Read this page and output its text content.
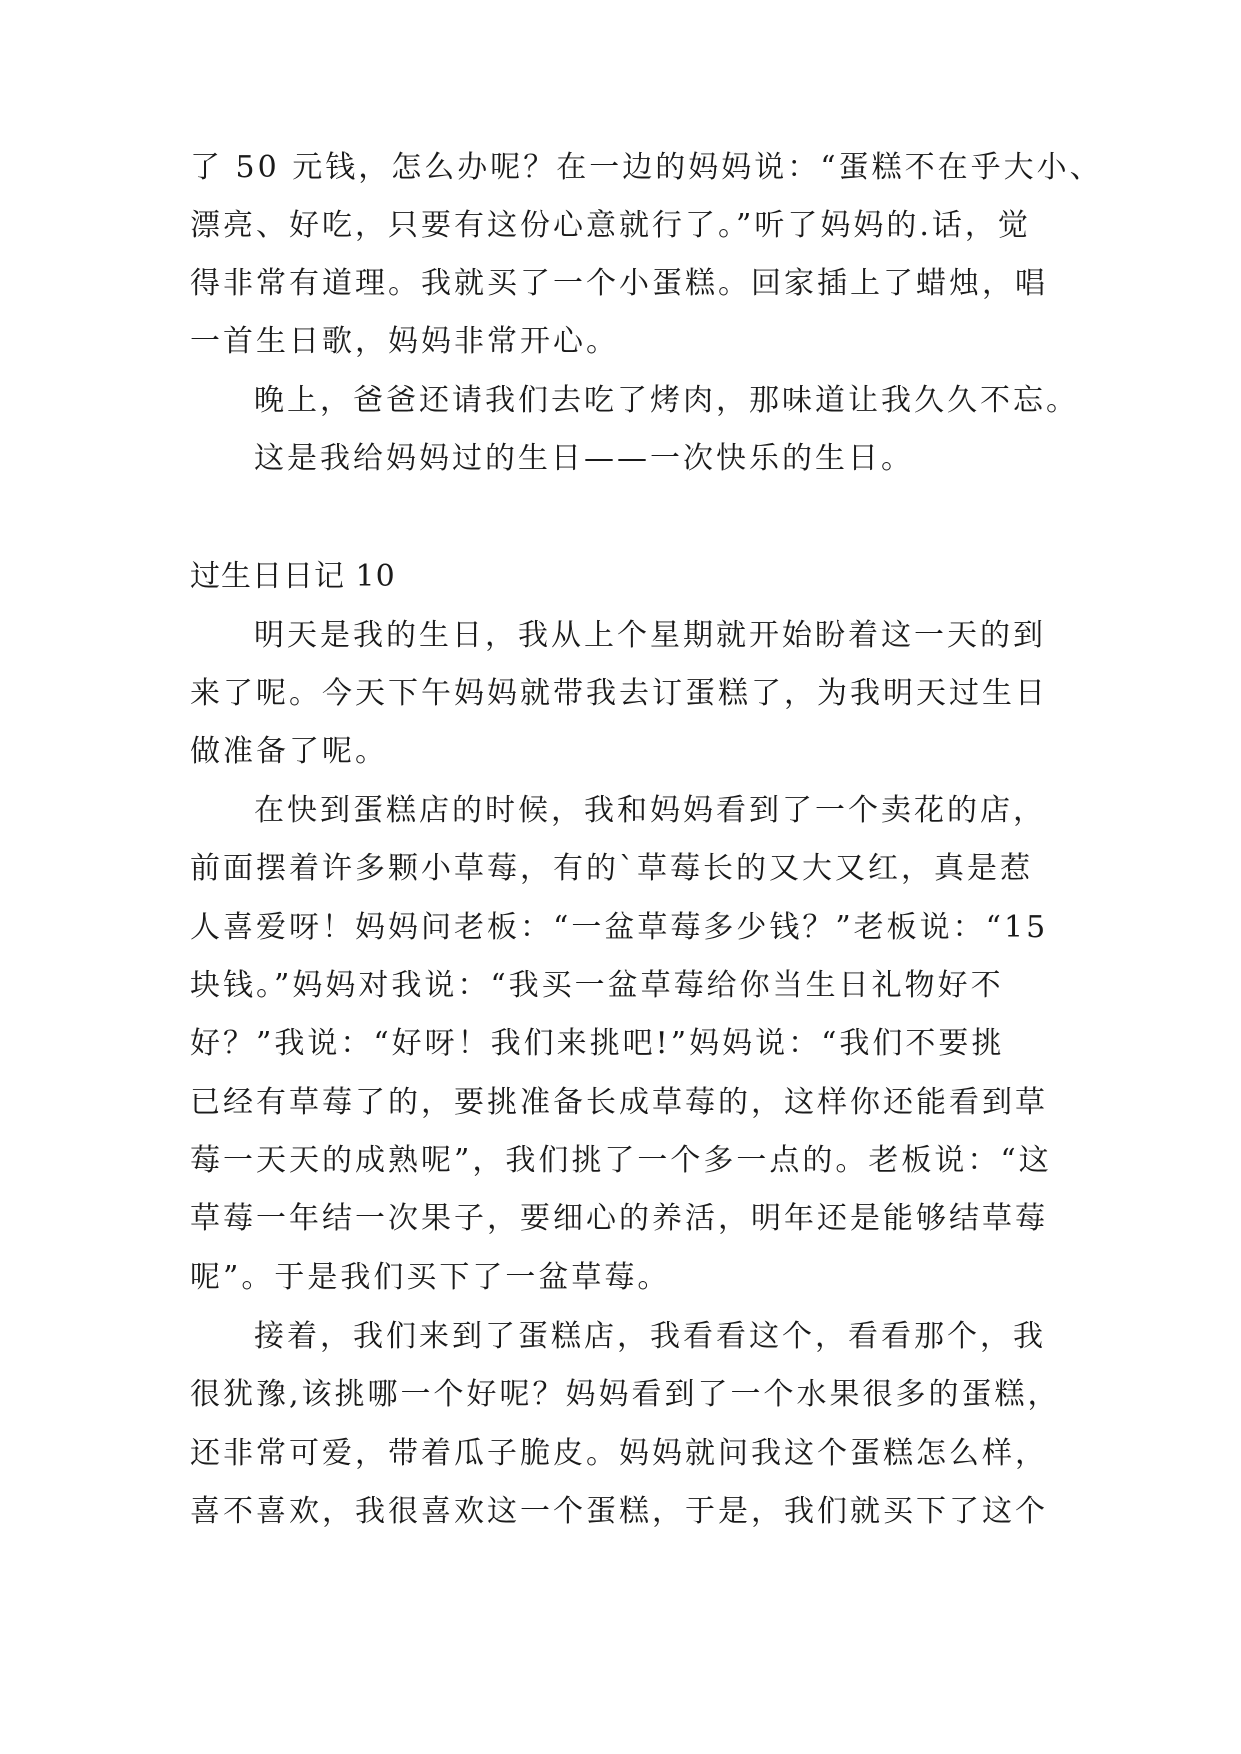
了 50 元钱，怎么办呢？在一边的妈妈说：“蛋糕不在乎大小、
漂亮、好吃，只要有这份心意就行了。”听了妈妈的.话，觉
得非常有道理。我就买了一个小蛋糕。回家插上了蜡烛，唱
一首生日歌，妈妈非常开心。
晚上，爸爸还请我们去吃了烤肉，那味道让我久久不忘。
这是我给妈妈过的生日——一次快乐的生日。
过生日日记 10
明天是我的生日，我从上个星期就开始盼着这一天的到
来了呢。今天下午妈妈就带我去订蛋糕了，为我明天过生日
做准备了呢。
在快到蛋糕店的时候，我和妈妈看到了一个卖花的店，
前面摆着许多颗小草莓，有的`草莓长的又大又红，真是惹
人喜爱呀！妈妈问老板：“一盆草莓多少钱？”老板说：“15
块钱。”妈妈对我说：“我买一盆草莓给你当生日礼物好不
好？”我说：“好呀！我们来挑吧!”妈妈说：“我们不要挑
已经有草莓了的，要挑准备长成草莓的，这样你还能看到草
莓一天天的成熟呢”，我们挑了一个多一点的。老板说：“这
草莓一年结一次果子，要细心的养活，明年还是能够结草莓
呢”。于是我们买下了一盆草莓。
接着，我们来到了蛋糕店，我看看这个，看看那个，我
很犹豫,该挑哪一个好呢？妈妈看到了一个水果很多的蛋糕，
还非常可爱，带着瓜子脆皮。妈妈就问我这个蛋糕怎么样，
喜不喜欢，我很喜欢这一个蛋糕，于是，我们就买下了这个
